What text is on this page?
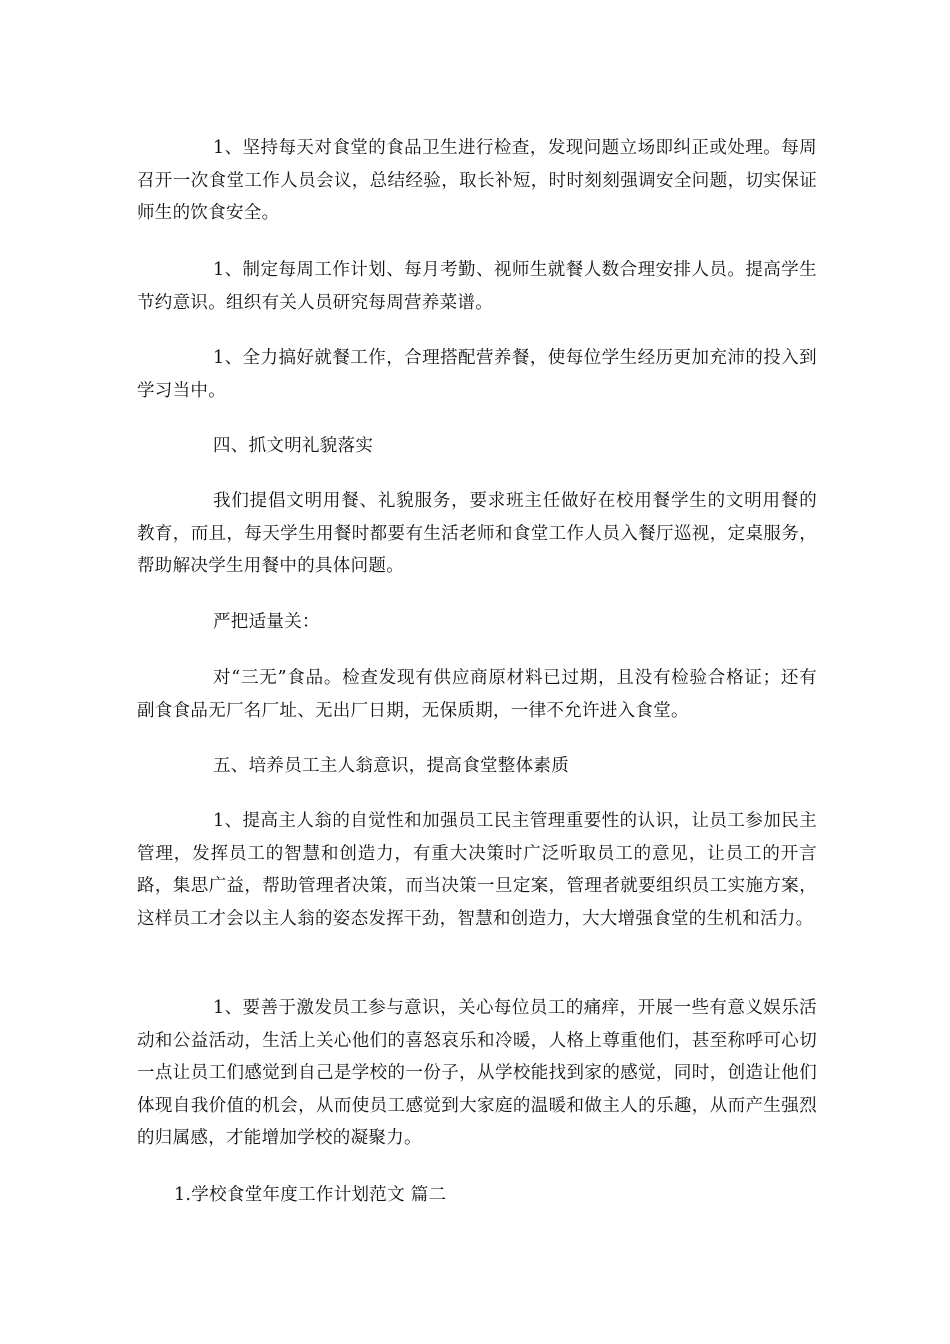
1、坚持每天对食堂的食品卫生进行检查，发现问题立场即纠正或处理。每周召开一次食堂工作人员会议，总结经验，取长补短，时时刻刻强调安全问题，切实保证师生的饮食安全。

1、制定每周工作计划、每月考勤、视师生就餐人数合理安排人员。提高学生节约意识。组织有关人员研究每周营养菜谱。

1、全力搞好就餐工作，合理搭配营养餐，使每位学生经历更加充沛的投入到学习当中。

四、抓文明礼貌落实

我们提倡文明用餐、礼貌服务，要求班主任做好在校用餐学生的文明用餐的教育，而且，每天学生用餐时都要有生活老师和食堂工作人员入餐厅巡视，定桌服务，帮助解决学生用餐中的具体问题。

严把适量关：

对“三无”食品。检查发现有供应商原材料已过期，且没有检验合格证；还有副食食品无厂名厂址、无出厂日期，无保质期，一律不允许进入食堂。

五、培养员工主人翁意识，提高食堂整体素质

1、提高主人翁的自觉性和加强员工民主管理重要性的认识，让员工参加民主管理，发挥员工的智慧和创造力，有重大决策时广泛听取员工的意见，让员工的开言路，集思广益，帮助管理者决策，而当决策一旦定案，管理者就要组织员工实施方案，这样员工才会以主人翁的姿态发挥干劲，智慧和创造力，大大增强食堂的生机和活力。

1、要善于激发员工参与意识，关心每位员工的痛痒，开展一些有意义娱乐活动和公益活动，生活上关心他们的喜怒哀乐和冷暖，人格上尊重他们，甚至称呼可心切一点让员工们感觉到自己是学校的一份子，从学校能找到家的感觉，同时，创造让他们体现自我价值的机会，从而使员工感觉到大家庭的温暖和做主人的乐趣，从而产生强烈的归属感，才能增加学校的凝聚力。

1.学校食堂年度工作计划范文 篇二
